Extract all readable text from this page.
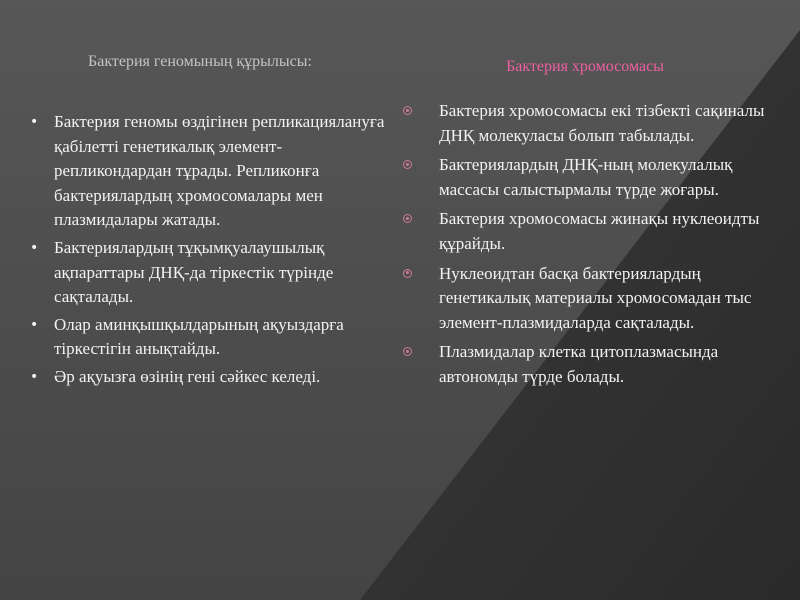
Бактерия геномының құрылысы:	Бактерия хромосомасы
• Бактерия геномы өздігінен репликациялануға қабілетті генетикалық элемент-репликондардан тұрады. Репликонға бактериялардың хромосомалары мен плазмидалары жатады.
• Бактериялардың тұқымқуалаушылық ақпараттары ДНҚ-да тіркестік түрінде сақталады.
• Олар аминқышқылдарының ақуыздарға тіркестігін анықтайды.
• Әр ақуызға өзінің гені сәйкес келеді.
Бактерия хромосомасы екі тізбекті сақиналы ДНҚ молекуласы болып табылады.
Бактериялардың ДНҚ-ның молекулалық массасы салыстырмалы түрде жоғары.
Бактерия хромосомасы жинақы нуклеоидты құрайды.
Нуклеоидтан басқа бактериялардың генетикалық материалы хромосомадан тыс элемент-плазмидаларда сақталады.
Плазмидалар клетка цитоплазмасында автономды түрде болады.
